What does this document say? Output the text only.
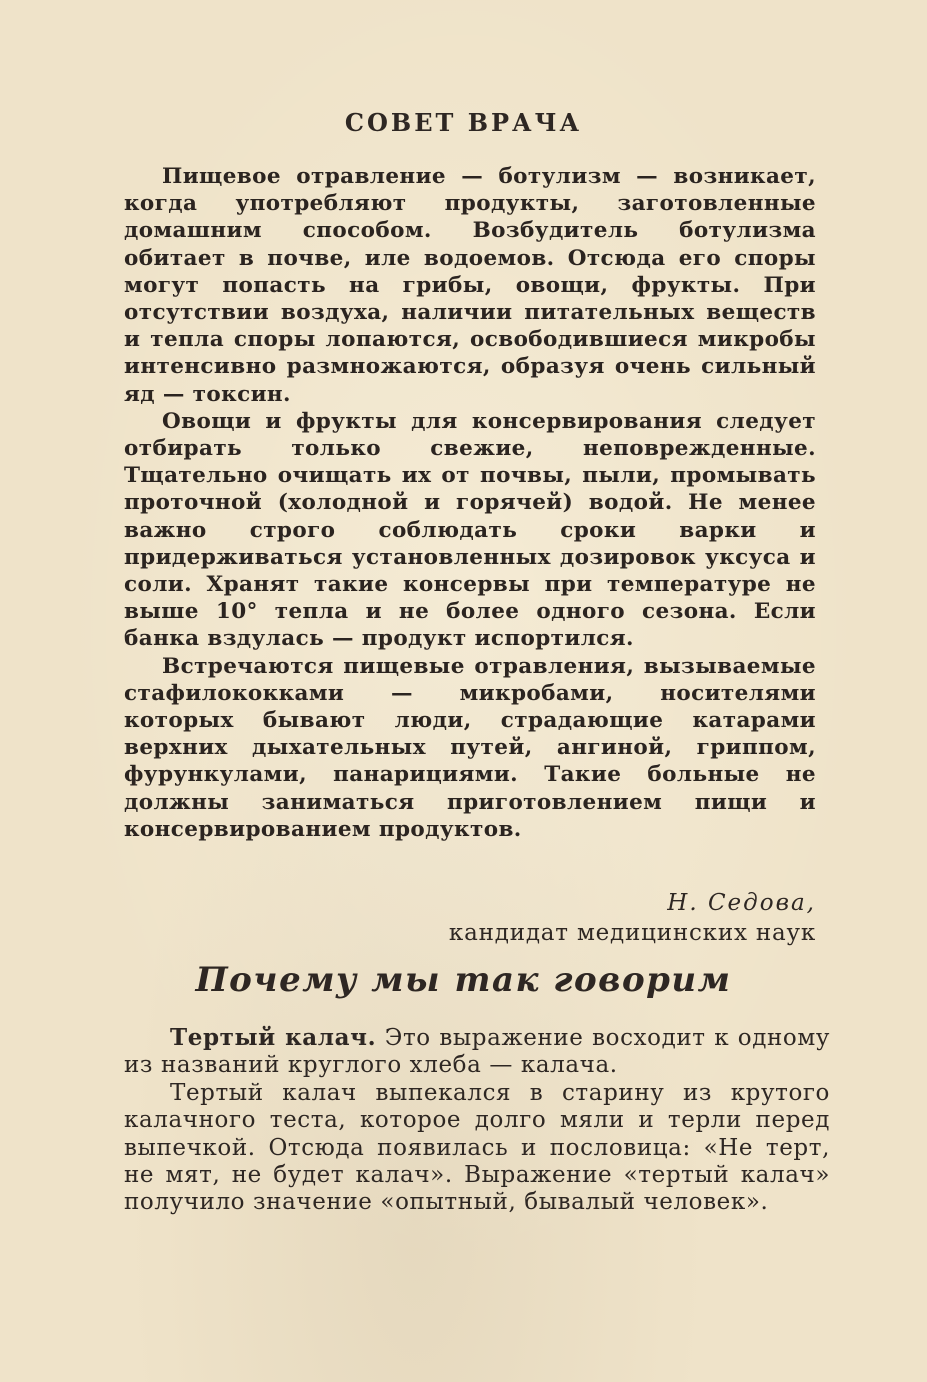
СОВЕТ ВРАЧА

Пищевое отравление — ботулизм — возникает, когда употребляют продукты, заготовленные домашним способом. Возбудитель ботулизма обитает в почве, иле водоемов. Отсюда его споры могут попасть на грибы, овощи, фрукты. При отсутствии воздуха, наличии питательных веществ и тепла споры лопаются, освободившиеся микробы интенсивно размножаются, образуя очень сильный яд — токсин.

Овощи и фрукты для консервирования следует отбирать только свежие, неповрежденные. Тщательно очищать их от почвы, пыли, промывать проточной (холодной и горячей) водой. Не менее важно строго соблюдать сроки варки и придерживаться установленных дозировок уксуса и соли. Хранят такие консервы при температуре не выше 10° тепла и не более одного сезона. Если банка вздулась — продукт испортился.

Встречаются пищевые отравления, вызываемые стафилококками — микробами, носителями которых бывают люди, страдающие катарами верхних дыхательных путей, ангиной, гриппом, фурункулами, панарициями. Такие больные не должны заниматься приготовлением пищи и консервированием продуктов.

Н. Седова,
кандидат медицинских наук
Почему мы так говорим

Тертый калач. Это выражение восходит к одному из названий круглого хлеба — калача.

Тертый калач выпекался в старину из крутого калачного теста, которое долго мяли и терли перед выпечкой. Отсюда появилась и пословица: «Не терт, не мят, не будет калач». Выражение «тертый калач» получило значение «опытный, бывалый человек».
